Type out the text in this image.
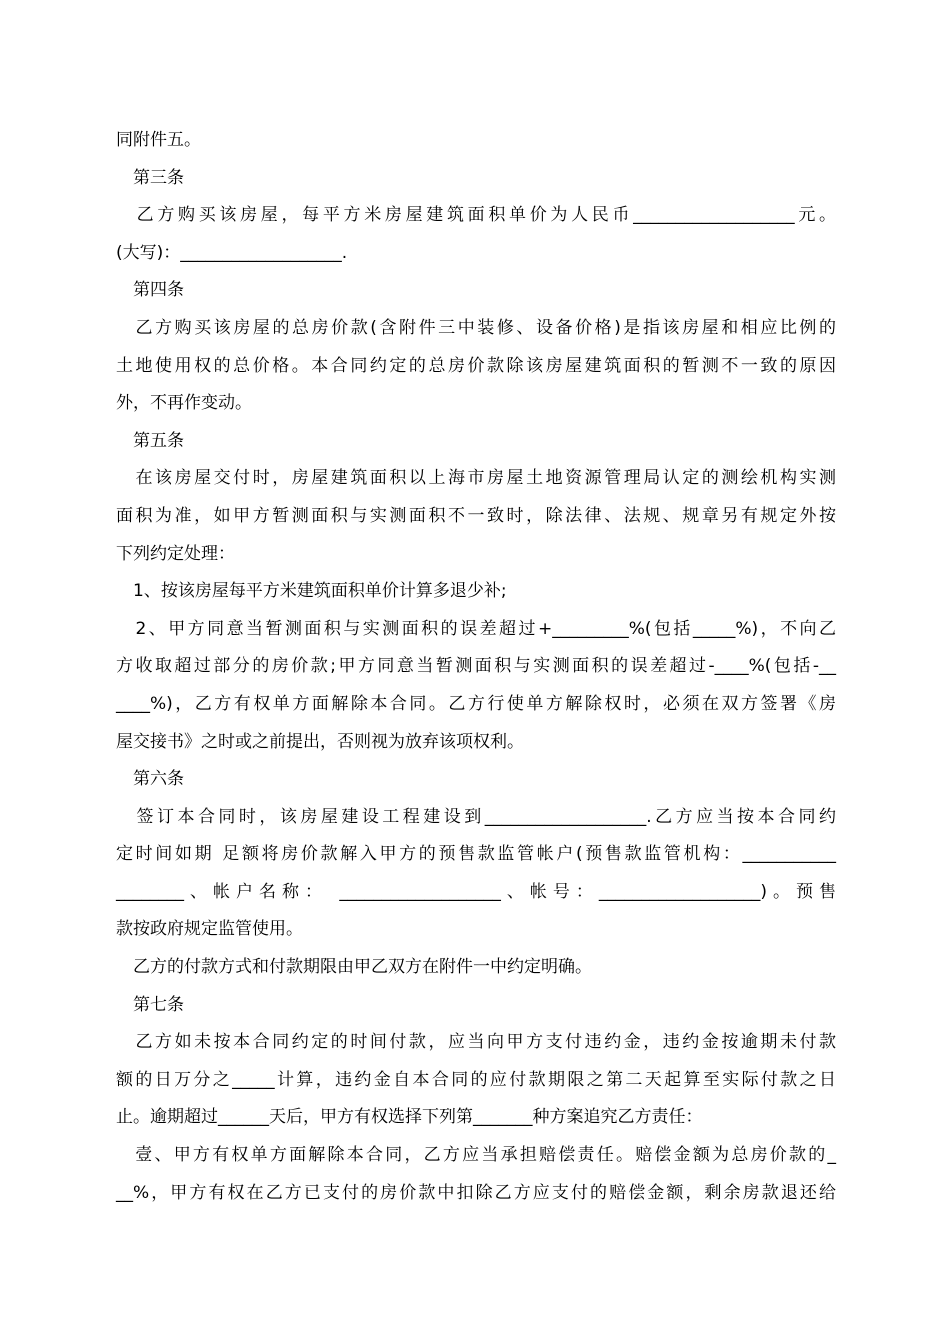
同附件五。
　第三条
　乙方购买该房屋，每平方米房屋建筑面积单价为人民币___________________元。
(大写)：___________________.
　第四条
　乙方购买该房屋的总房价款(含附件三中装修、设备价格)是指该房屋和相应比例的
土地使用权的总价格。本合同约定的总房价款除该房屋建筑面积的暂测不一致的原因
外，不再作变动。
　第五条
　在该房屋交付时，房屋建筑面积以上海市房屋土地资源管理局认定的测绘机构实测
面积为准，如甲方暂测面积与实测面积不一致时，除法律、法规、规章另有规定外按
下列约定处理：
　1、按该房屋每平方米建筑面积单价计算多退少补;
　2、甲方同意当暂测面积与实测面积的误差超过+_________%(包括_____%)，不向乙
方收取超过部分的房价款;甲方同意当暂测面积与实测面积的误差超过-____%(包括-__
____%)，乙方有权单方面解除本合同。乙方行使单方解除权时，必须在双方签署《房
屋交接书》之时或之前提出，否则视为放弃该项权利。
　第六条
　签订本合同时，该房屋建设工程建设到___________________.乙方应当按本合同约
定时间如期 足额将房价款解入甲方的预售款监管帐户(预售款监管机构：___________
________、帐户名称： ___________________、帐号：___________________)。预售
款按政府规定监管使用。
　乙方的付款方式和付款期限由甲乙双方在附件一中约定明确。
　第七条
　乙方如未按本合同约定的时间付款，应当向甲方支付违约金，违约金按逾期未付款
额的日万分之_____计算，违约金自本合同的应付款期限之第二天起算至实际付款之日
止。逾期超过______天后，甲方有权选择下列第_______种方案追究乙方责任：
　壹、甲方有权单方面解除本合同，乙方应当承担赔偿责任。赔偿金额为总房价款的_
__%，甲方有权在乙方已支付的房价款中扣除乙方应支付的赔偿金额，剩余房款退还给
